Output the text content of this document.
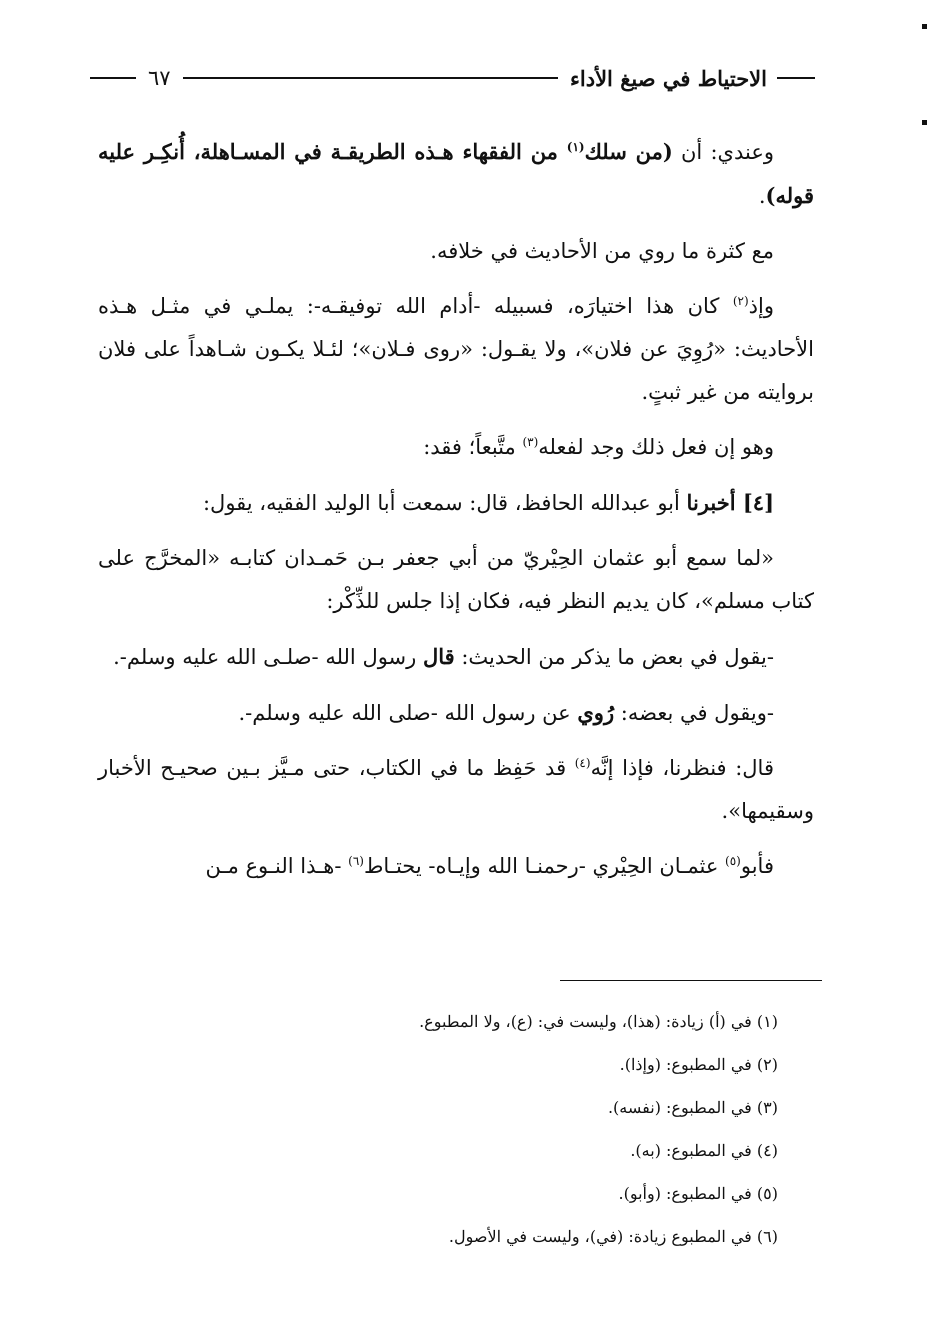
الاحتياط في صيغ الأداء
٦٧

وعندي: أن (من سلك$^{(١)}$ من الفقهاء هـذه الطريقـة في المسـاهلة، أُنكِـر عليه قوله).

مع كثرة ما روي من الأحاديث في خلافه.

وإذ$^{(٢)}$ كان هذا اختيارَه، فسبيله -أدام الله توفيقـه-: يملـي في مثـل هـذه الأحاديث: «رُوِيَ عن فلان»، ولا يقـول: «روى فـلان»؛ لئـلا يكـون شـاهداً على فلان بروايته من غير ثبتٍ.

وهو إن فعل ذلك وجد لفعله$^{(٣)}$ متَّبعاً؛ فقد:

[٤] أخبرنا أبو عبدالله الحافظ، قال: سمعت أبا الوليد الفقيه، يقول:

«لما سمع أبو عثمان الحِيْريّ من أبي جعفر بـن حَمـدان كتابـه «المخرَّج على كتاب مسلم»، كان يديم النظر فيه، فكان إذا جلس للذِّكْر:

-يقول في بعض ما يذكر من الحديث: قال رسول الله -صلـى الله عليه وسلم-.

-ويقول في بعضه: رُوي عن رسول الله -صلى الله عليه وسلم-.

قال: فنظرنا، فإذا إنَّه$^{(٤)}$ قد حَفِظ ما في الكتاب، حتى مـيَّز بـين صحيـح الأخبار وسقيمها».

فأبو$^{(٥)}$ عثمـان الحِيْري -رحمنـا الله وإيـاه- يحتـاط$^{(٦)}$ -هـذا النـوع مـن

(١) في (أ) زيادة: (هذا)، وليست في: (ع)، ولا المطبوع.

(٢) في المطبوع: (وإذا).

(٣) في المطبوع: (نفسه).

(٤) في المطبوع: (به).

(٥) في المطبوع: (وأبو).

(٦) في المطبوع زيادة: (في)، وليست في الأصول.
